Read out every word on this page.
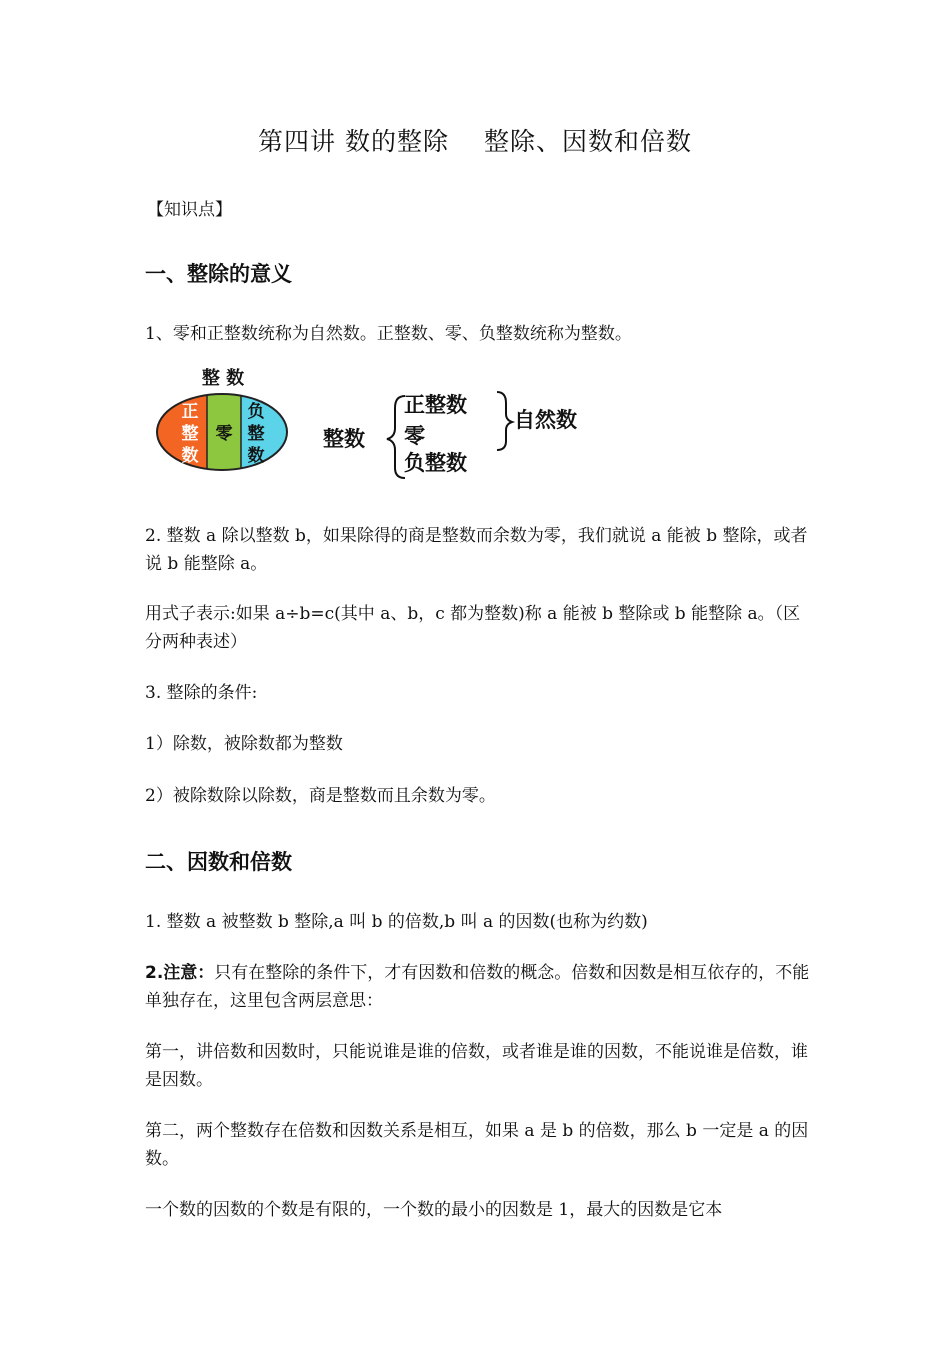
第四讲 数的整除　 整除、因数和倍数
【知识点】
一、整除的意义
1、零和正整数统称为自然数。正整数、零、负整数统称为整数。
整 数
正
整
数
零
负
整
数
整数
正整数
零
负整数
自然数
2. 整数 a 除以整数 b，如果除得的商是整数而余数为零，我们就说 a 能被 b 整除，或者说 b 能整除 a。
用式子表示:如果 a÷b=c(其中 a、b，c 都为整数)称 a 能被 b 整除或 b 能整除 a。（区分两种表述）
3. 整除的条件:
1）除数，被除数都为整数
2）被除数除以除数，商是整数而且余数为零。
二、因数和倍数
1. 整数 a 被整数 b 整除,a 叫 b 的倍数,b 叫 a 的因数(也称为约数)
2.注意：只有在整除的条件下，才有因数和倍数的概念。倍数和因数是相互依存的，不能单独存在，这里包含两层意思：
第一，讲倍数和因数时，只能说谁是谁的倍数，或者谁是谁的因数，不能说谁是倍数，谁是因数。
第二，两个整数存在倍数和因数关系是相互，如果 a 是 b 的倍数，那么 b 一定是 a 的因数。
一个数的因数的个数是有限的，一个数的最小的因数是 1，最大的因数是它本
